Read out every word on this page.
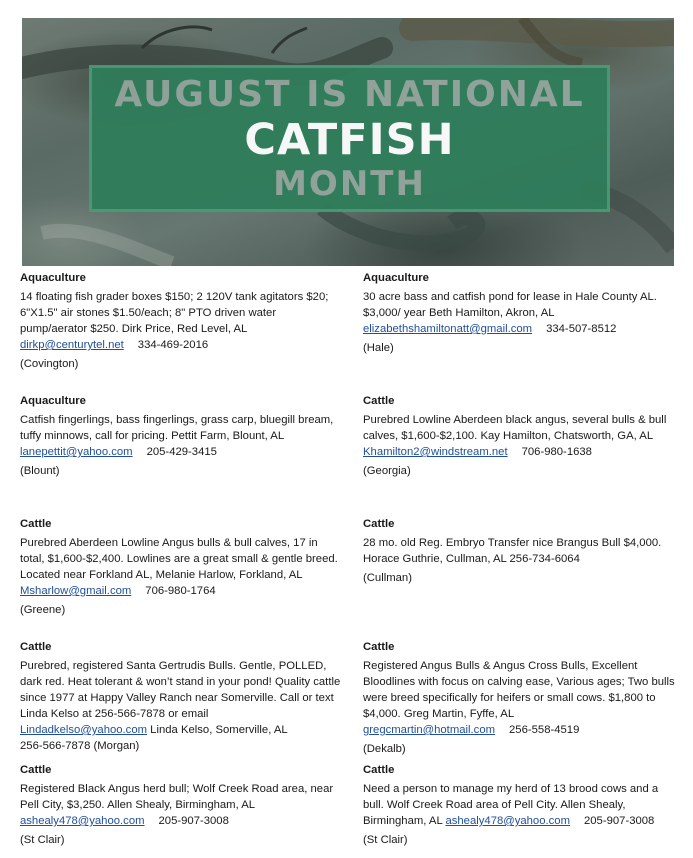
AUGUST IS NATIONAL
CATFISH
MONTH
Aquaculture
14 floating fish grader boxes $150; 2 120V tank agitators $20; 6"X1.5" air stones $1.50/each; 8" PTO driven water pump/aerator $250. Dirk Price, Red Level, AL
dirkp@centurytel.net 334-469-2016
(Covington)
Aquaculture
30 acre bass and catfish pond for lease in Hale County AL. $3,000/ year Beth Hamilton, Akron, AL
elizabethshamiltonatt@gmail.com 334-507-8512
(Hale)
Aquaculture
Catfish fingerlings, bass fingerlings, grass carp, bluegill bream, tuffy minnows, call for pricing. Pettit Farm, Blount, AL
lanepettit@yahoo.com 205-429-3415
(Blount)
Cattle
Purebred Lowline Aberdeen black angus, several bulls & bull calves, $1,600-$2,100. Kay Hamilton, Chatsworth, GA, AL
Khamilton2@windstream.net 706-980-1638
(Georgia)
Cattle
Purebred Aberdeen Lowline Angus bulls & bull calves, 17 in total, $1,600-$2,400. Lowlines are a great small & gentle breed. Located near Forkland AL, Melanie Harlow, Forkland, AL Msharlow@gmail.com 706-980-1764
(Greene)
Cattle
28 mo. old Reg. Embryo Transfer nice Brangus Bull $4,000. Horace Guthrie, Cullman, AL 256-734-6064
(Cullman)
Cattle
Purebred, registered Santa Gertrudis Bulls. Gentle, POLLED, dark red. Heat tolerant & won’t stand in your pond! Quality cattle since 1977 at Happy Valley Ranch near Somerville. Call or text Linda Kelso at 256-566-7878 or email
Lindadkelso@yahoo.com Linda Kelso, Somerville, AL
256-566-7878 (Morgan)
Cattle
Registered Angus Bulls & Angus Cross Bulls, Excellent Bloodlines with focus on calving ease, Various ages; Two bulls were breed specifically for heifers or small cows. $1,800 to $4,000. Greg Martin, Fyffe, AL
gregcmartin@hotmail.com 256-558-4519
(Dekalb)
Cattle
Registered Black Angus herd bull; Wolf Creek Road area, near Pell City, $3,250. Allen Shealy, Birmingham, AL
ashealy478@yahoo.com 205-907-3008
(St Clair)
Cattle
Need a person to manage my herd of 13 brood cows and a bull. Wolf Creek Road area of Pell City. Allen Shealy, Birmingham, AL ashealy478@yahoo.com 205-907-3008
(St Clair)
